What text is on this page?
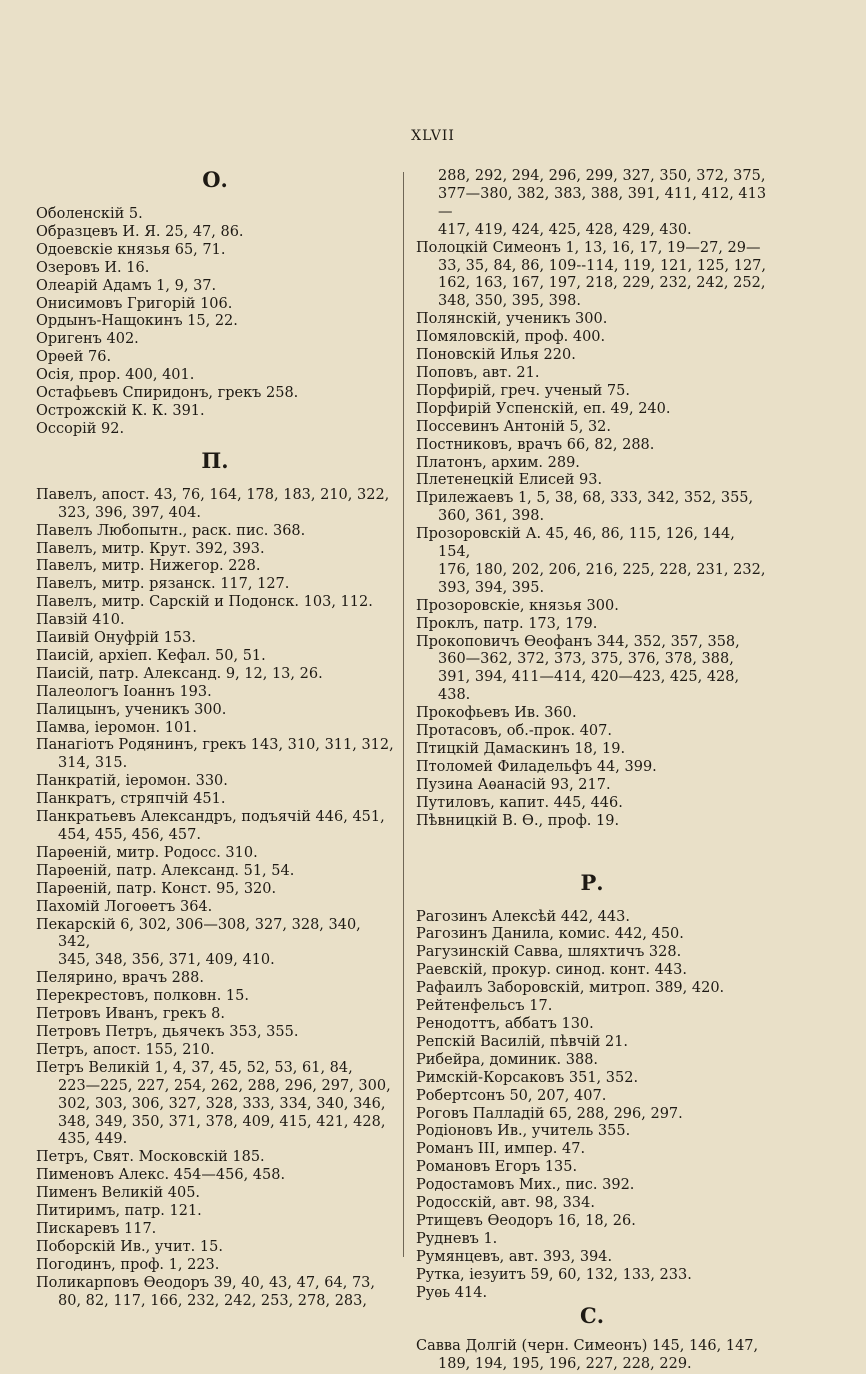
XLVII
О.
Оболенскій 5.
Образцевъ И. Я. 25, 47, 86.
Одоевскіе князья 65, 71.
Озеровъ И. 16.
Олеарій Адамъ 1, 9, 37.
Онисимовъ Григорій 106.
Ордынъ-Нащокинъ 15, 22.
Оригенъ 402.
Орѳей 76.
Осія, прор. 400, 401.
Остафьевъ Спиридонъ, грекъ 258.
Острожскій К. К. 391.
Оссорій 92.
П.
Павелъ, апост. 43, 76, 164, 178, 183, 210, 322,
323, 396, 397, 404.
Павелъ Любопытн., раск. пис. 368.
Павелъ, митр. Крут. 392, 393.
Павелъ, митр. Нижегор. 228.
Павелъ, митр. рязанск. 117, 127.
Павелъ, митр. Сарскій и Подонск. 103, 112.
Павзій 410.
Паивій Онуфрій 153.
Паисій, архіеп. Кефал. 50, 51.
Паисій, патр. Александ. 9, 12, 13, 26.
Палеологъ Іоаннъ 193.
Палицынъ, ученикъ 300.
Памва, іеромон. 101.
Панагіотъ Родянинъ, грекъ 143, 310, 311, 312,
314, 315.
Панкратій, іеромон. 330.
Панкратъ, стряпчій 451.
Панкратьевъ Александръ, подъячій 446, 451,
454, 455, 456, 457.
Парѳеній, митр. Родосс. 310.
Парѳеній, патр. Александ. 51, 54.
Парѳеній, патр. Конст. 95, 320.
Пахомій Логоѳетъ 364.
Пекарскій 6, 302, 306—308, 327, 328, 340, 342,
345, 348, 356, 371, 409, 410.
Пелярино, врачъ 288.
Перекрестовъ, полковн. 15.
Петровъ Иванъ, грекъ 8.
Петровъ Петръ, дьячекъ 353, 355.
Петръ, апост. 155, 210.
Петръ Великій 1, 4, 37, 45, 52, 53, 61, 84,
223—225, 227, 254, 262, 288, 296, 297, 300,
302, 303, 306, 327, 328, 333, 334, 340, 346,
348, 349, 350, 371, 378, 409, 415, 421, 428,
435, 449.
Петръ, Свят. Московскій 185.
Пименовъ Алекс. 454—456, 458.
Пименъ Великій 405.
Питиримъ, патр. 121.
Пискаревъ 117.
Поборскій Ив., учит. 15.
Погодинъ, проф. 1, 223.
Поликарповъ Ѳеодоръ 39, 40, 43, 47, 64, 73,
80, 82, 117, 166, 232, 242, 253, 278, 283,
288, 292, 294, 296, 299, 327, 350, 372, 375,
377—380, 382, 383, 388, 391, 411, 412, 413—
417, 419, 424, 425, 428, 429, 430.
Полоцкій Симеонъ 1, 13, 16, 17, 19—27, 29—
33, 35, 84, 86, 109--114, 119, 121, 125, 127,
162, 163, 167, 197, 218, 229, 232, 242, 252,
348, 350, 395, 398.
Полянскій, ученикъ 300.
Помяловскій, проф. 400.
Поновскій Илья 220.
Поповъ, авт. 21.
Порфирій, греч. ученый 75.
Порфирій Успенскій, еп. 49, 240.
Поссевинъ Антоній 5, 32.
Постниковъ, врачъ 66, 82, 288.
Платонъ, архим. 289.
Плетенецкій Елисей 93.
Прилежаевъ 1, 5, 38, 68, 333, 342, 352, 355,
360, 361, 398.
Прозоровскій А. 45, 46, 86, 115, 126, 144, 154,
176, 180, 202, 206, 216, 225, 228, 231, 232,
393, 394, 395.
Прозоровскіе, князья 300.
Проклъ, патр. 173, 179.
Прокоповичъ Ѳеофанъ 344, 352, 357, 358,
360—362, 372, 373, 375, 376, 378, 388,
391, 394, 411—414, 420—423, 425, 428, 438.
Прокофьевъ Ив. 360.
Протасовъ, об.-прок. 407.
Птицкій Дамаскинъ 18, 19.
Птоломей Филадельфъ 44, 399.
Пузина Аѳанасій 93, 217.
Путиловъ, капит. 445, 446.
Пѣвницкій В. Ѳ., проф. 19.
Р.
Рагозинъ Алексѣй 442, 443.
Рагозинъ Данила, комис. 442, 450.
Рагузинскій Савва, шляхтичъ 328.
Раевскій, прокур. синод. конт. 443.
Рафаилъ Заборовскій, митроп. 389, 420.
Рейтенфельсъ 17.
Ренодоттъ, аббатъ 130.
Репскій Василій, пѣвчій 21.
Рибейра, доминик. 388.
Римскій-Корсаковъ 351, 352.
Робертсонъ 50, 207, 407.
Роговъ Палладій 65, 288, 296, 297.
Родіоновъ Ив., учитель 355.
Романъ III, импер. 47.
Романовъ Егоръ 135.
Родостамовъ Мих., пис. 392.
Родосскій, авт. 98, 334.
Ртищевъ Ѳеодоръ 16, 18, 26.
Рудневъ 1.
Румянцевъ, авт. 393, 394.
Рутка, іезуитъ 59, 60, 132, 133, 233.
Руѳь 414.
С.
Савва Долгій (черн. Симеонъ) 145, 146, 147,
189, 194, 195, 196, 227, 228, 229.
